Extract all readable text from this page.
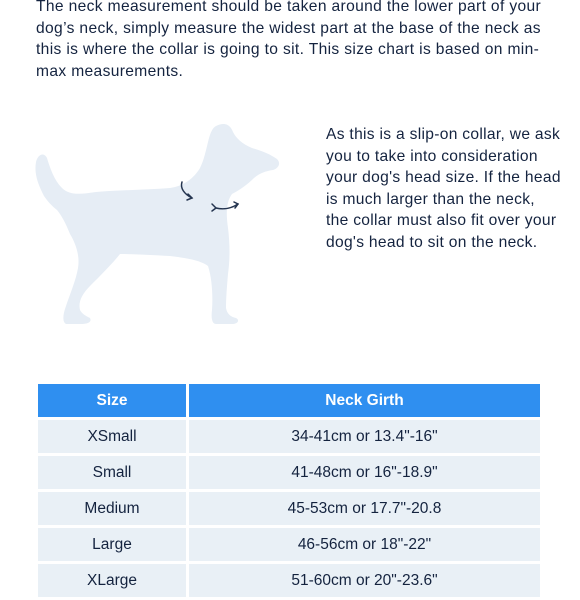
The neck measurement should be taken around the lower part of your dog’s neck, simply measure the widest part at the base of the neck as this is where the collar is going to sit. This size chart is based on min-max measurements.

As this is a slip-on collar, we ask you to take into consideration your dog's head size. If the head is much larger than the neck, the collar must also fit over your dog's head to sit on the neck.

Size	Neck Girth
XSmall	34-41cm or 13.4"-16"
Small	41-48cm or 16"-18.9"
Medium	45-53cm or 17.7"-20.8
Large	46-56cm or 18"-22"
XLarge	51-60cm or 20"-23.6"
